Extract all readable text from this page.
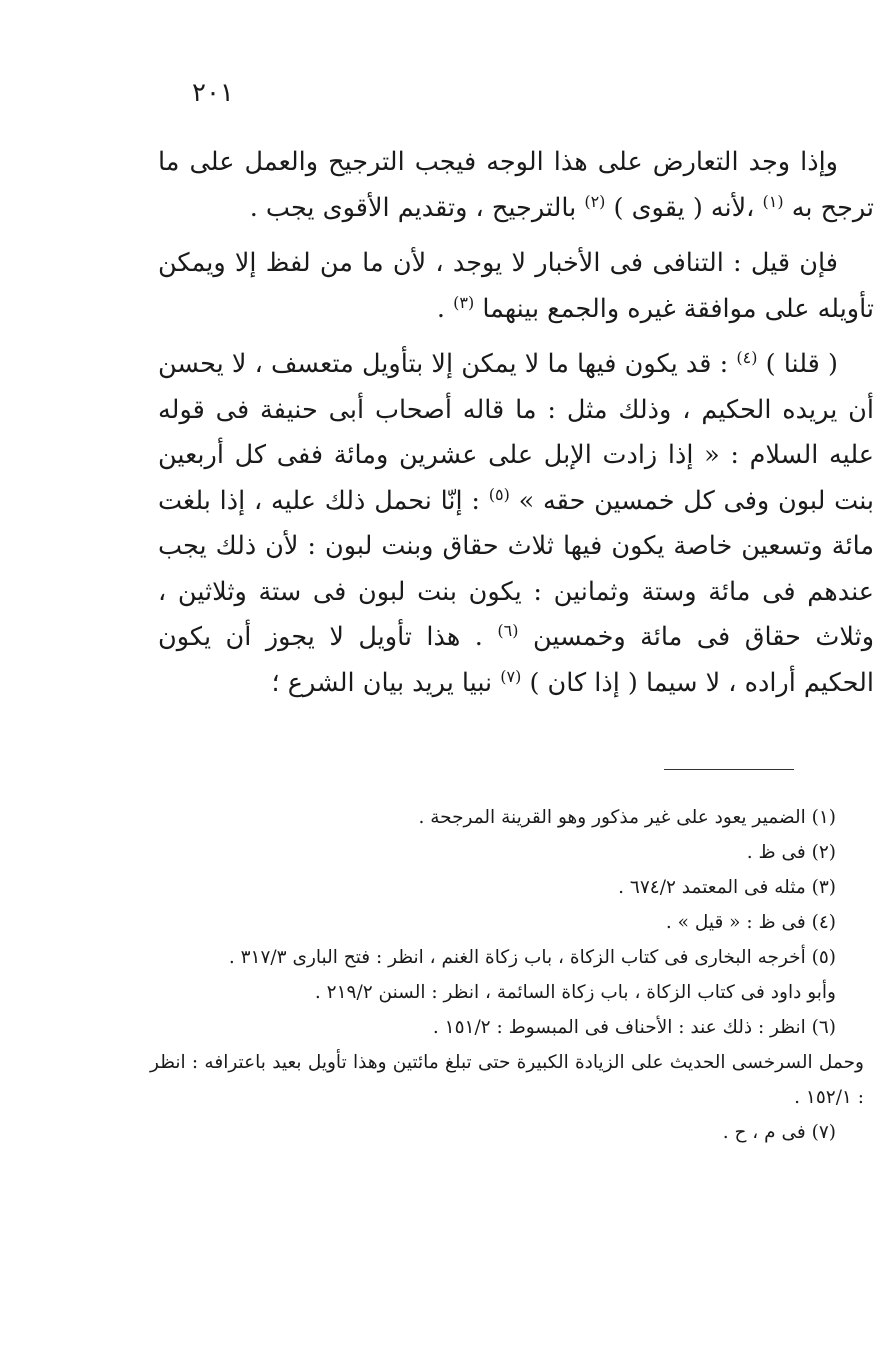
٢٠١

وإذا وجد التعارض على هذا الوجه فيجب الترجيح والعمل على ما ترجح به $^{(١)}$ ،لأنه ( يقوى ) $^{(٢)}$ بالترجيح ، وتقديم الأقوى يجب .

فإن قيل : التنافى فى الأخبار لا يوجد ، لأن ما من لفظ إلا ويمكن تأويله على موافقة غيره والجمع بينهما $^{(٣)}$ .

( قلنا ) $^{(٤)}$ : قد يكون فيها ما لا يمكن إلا بتأويل متعسف ، لا يحسن أن يريده الحكيم ، وذلك مثل : ما قاله أصحاب أبى حنيفة فى قوله عليه السلام : « إذا زادت الإبل على عشرين ومائة ففى كل أربعين بنت لبون وفى كل خمسين حقه » $^{(٥)}$ : إنّا نحمل ذلك عليه ، إذا بلغت مائة وتسعين خاصة يكون فيها ثلاث حقاق وبنت لبون : لأن ذلك يجب عندهم فى مائة وستة وثمانين : يكون بنت لبون فى ستة وثلاثين ، وثلاث حقاق فى مائة وخمسين $^{(٦)}$ . هذا تأويل لا يجوز أن يكون الحكيم أراده ، لا سيما ( إذا كان ) $^{(٧)}$ نبيا يريد بيان الشرع ؛

(١) الضمير يعود على غير مذكور وهو القرينة المرجحة .

(٢) فى ظ .

(٣) مثله فى المعتمد ٦٧٤/٢ .

(٤) فى ظ : « قيل » .

(٥) أخرجه البخارى فى كتاب الزكاة ، باب زكاة الغنم ، انظر : فتح البارى ٣١٧/٣ .

وأبو داود فى كتاب الزكاة ، باب زكاة السائمة ، انظر : السنن ٢١٩/٢ .

(٦) انظر : ذلك عند : الأحناف فى المبسوط : ١٥١/٢ .

وحمل السرخسى الحديث على الزيادة الكبيرة حتى تبلغ مائتين وهذا تأويل بعيد باعترافه : انظر : ١٥٢/١ .

(٧) فى م ، ح .
